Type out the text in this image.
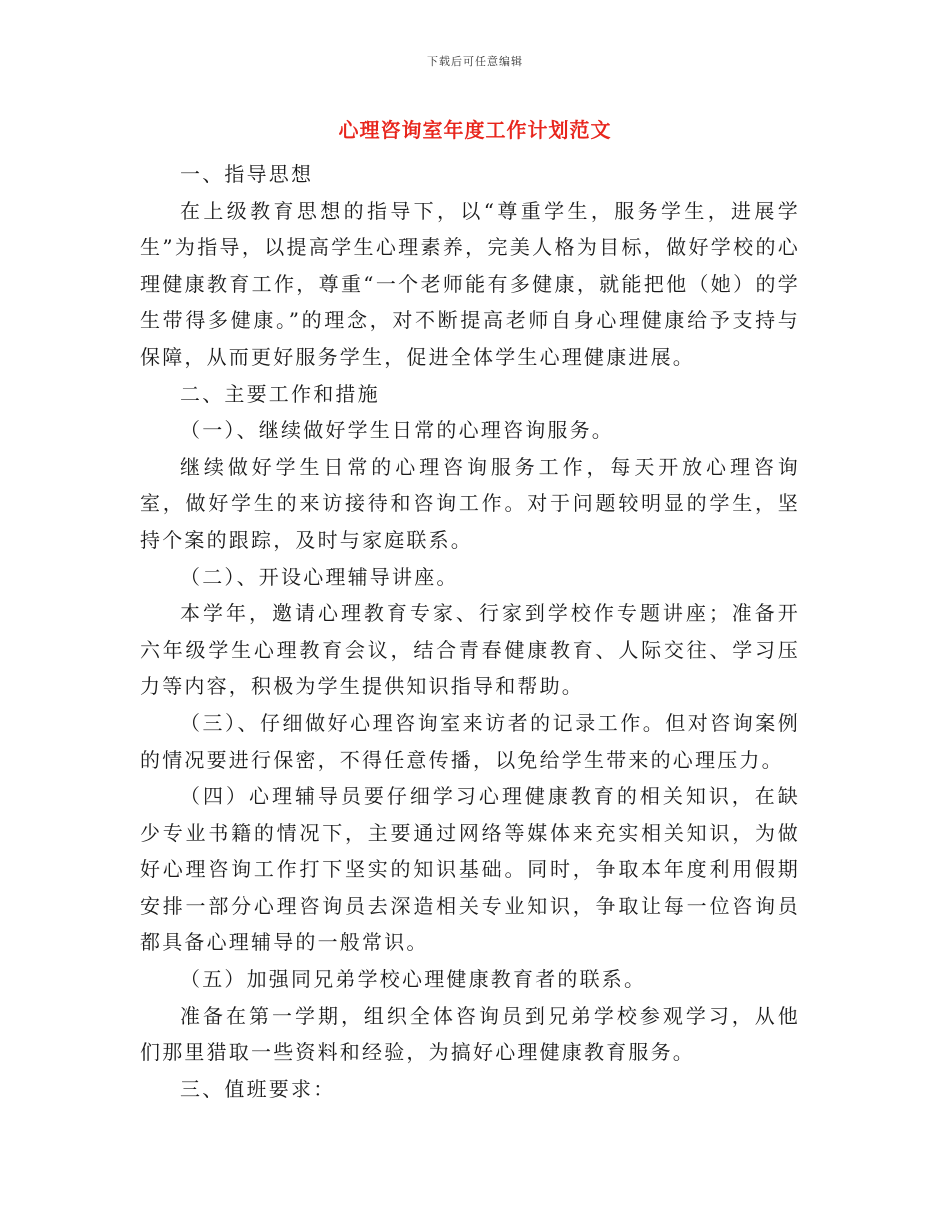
下载后可任意编辑
心理咨询室年度工作计划范文

一、指导思想

在上级教育思想的指导下，以“尊重学生，服务学生，进展学生”为指导，以提高学生心理素养，完美人格为目标，做好学校的心理健康教育工作，尊重“一个老师能有多健康，就能把他（她）的学生带得多健康。”的理念，对不断提高老师自身心理健康给予支持与保障，从而更好服务学生，促进全体学生心理健康进展。

二、主要工作和措施

（一）、继续做好学生日常的心理咨询服务。

继续做好学生日常的心理咨询服务工作，每天开放心理咨询室，做好学生的来访接待和咨询工作。对于问题较明显的学生，坚持个案的跟踪，及时与家庭联系。

（二）、开设心理辅导讲座。

本学年，邀请心理教育专家、行家到学校作专题讲座；准备开六年级学生心理教育会议，结合青春健康教育、人际交往、学习压力等内容，积极为学生提供知识指导和帮助。

（三）、仔细做好心理咨询室来访者的记录工作。但对咨询案例的情况要进行保密，不得任意传播，以免给学生带来的心理压力。

（四）心理辅导员要仔细学习心理健康教育的相关知识，在缺少专业书籍的情况下，主要通过网络等媒体来充实相关知识，为做好心理咨询工作打下坚实的知识基础。同时，争取本年度利用假期安排一部分心理咨询员去深造相关专业知识，争取让每一位咨询员都具备心理辅导的一般常识。

（五）加强同兄弟学校心理健康教育者的联系。

准备在第一学期，组织全体咨询员到兄弟学校参观学习，从他们那里猎取一些资料和经验，为搞好心理健康教育服务。

三、值班要求：
